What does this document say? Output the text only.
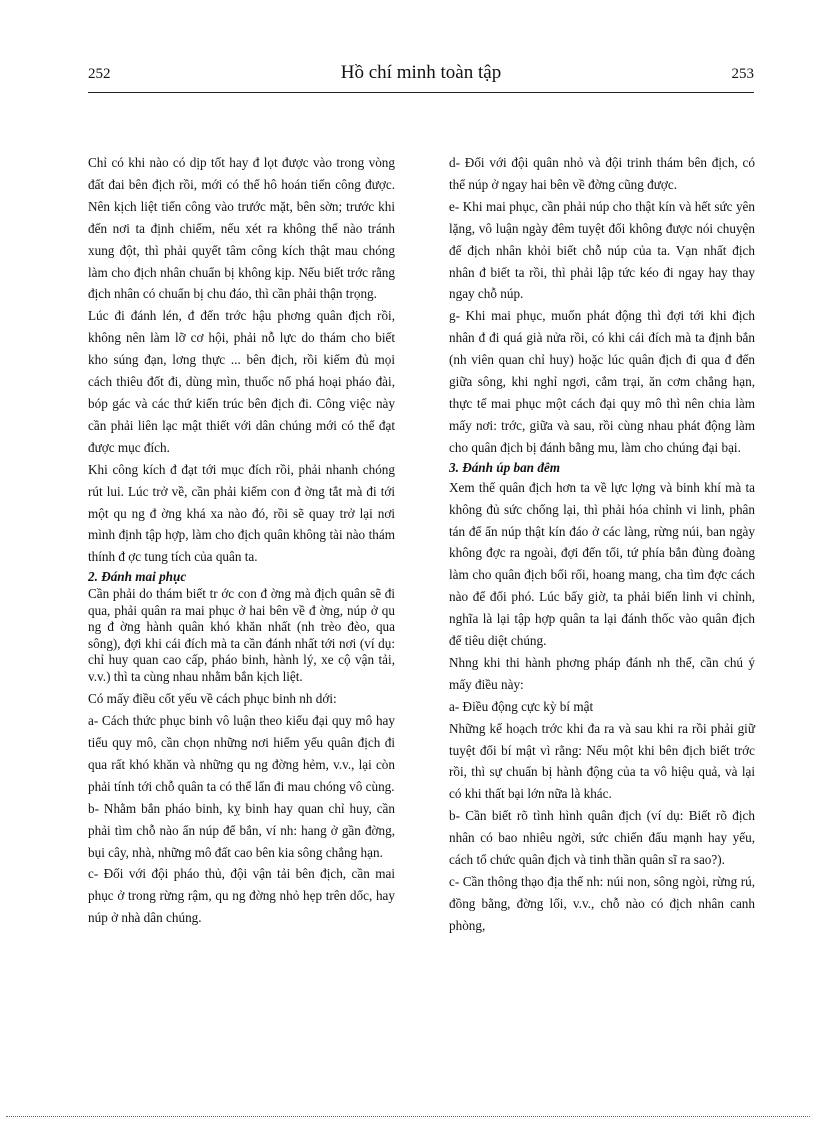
252	Hồ chí minh toàn tập	253

Chỉ có khi nào có dịp tốt hay đ lọt được vào trong vòng đất đai bên địch rồi, mới có thể hô hoán tiến công được. Nên kịch liệt tiến công vào trước mặt, bên sờn; trước khi đến nơi ta định chiếm, nếu xét ra không thể nào tránh xung đột, thì phải quyết tâm công kích thật mau chóng làm cho địch nhân chuẩn bị không kịp. Nếu biết trớc rằng địch nhân có chuẩn bị chu đáo, thì cần phải thận trọng.

Lúc đi đánh lén, đ đến trớc hậu phơng quân địch rồi, không nên làm lỡ cơ hội, phải nỗ lực do thám cho biết kho súng đạn, lơng thực ... bên địch, rồi kiếm đủ mọi cách thiêu đốt đi, dùng mìn, thuốc nổ phá hoại pháo đài, bóp gác và các thứ kiến trúc bên địch đi. Công việc này cần phải liên lạc mật thiết với dân chúng mới có thể đạt được mục đích.

Khi công kích đ đạt tới mục đích rồi, phải nhanh chóng rút lui. Lúc trở về, cần phải kiếm con đ ờng tắt mà đi tới một qu ng đ ờng khá xa nào đó, rồi sẽ quay trở lại nơi mình định tập hợp, làm cho địch quân không tài nào thám thính đ ợc tung tích của quân ta.

2. Đánh mai phục

Cần phải do thám biết tr ớc con đ ờng mà địch quân sẽ đi qua, phải quân ra mai phục ở hai bên về đ ờng, núp ở qu ng đ ờng hành quân khó khăn nhất (nh trèo đèo, qua sông), đợi khi cái đích mà ta cần đánh nhất tới nơi (ví dụ: chỉ huy quan cao cấp, pháo binh, hành lý, xe cộ vận tải, v.v.) thì ta cùng nhau nhằm bắn kịch liệt.

Có mấy điều cốt yếu về cách phục binh nh dới:

a- Cách thức phục binh vô luận theo kiểu đại quy mô hay tiểu quy mô, cần chọn những nơi hiểm yếu quân địch đi qua rất khó khăn và những qu ng đờng hẻm, v.v., lại còn phải tính tới chỗ quân ta có thể lẩn đi mau chóng vô cùng.

b- Nhằm bắn pháo binh, kỵ binh hay quan chỉ huy, cần phải tìm chỗ nào ẩn núp để bắn, ví nh: hang ở gần đờng, bụi cây, nhà, những mô đất cao bên kia sông chẳng hạn.

c- Đối với đội pháo thủ, đội vận tải bên địch, cần mai phục ở trong rừng rậm, qu ng đờng nhỏ hẹp trên dốc, hay núp ở nhà dân chúng.

d- Đối với đội quân nhỏ và đội trinh thám bên địch, có thể núp ở ngay hai bên về đờng cũng được.

e- Khi mai phục, cần phải núp cho thật kín và hết sức yên lặng, vô luận ngày đêm tuyệt đối không được nói chuyện để địch nhân khỏi biết chỗ núp của ta. Vạn nhất địch nhân đ biết ta rồi, thì phải lập tức kéo đi ngay hay thay ngay chỗ núp.

g- Khi mai phục, muốn phát động thì đợi tới khi địch nhân đ đi quá già nửa rồi, có khi cái đích mà ta định bắn (nh viên quan chỉ huy) hoặc lúc quân địch đi qua đ đến giữa sông, khi nghỉ ngơi, cắm trại, ăn cơm chẳng hạn, thực tế mai phục một cách đại quy mô thì nên chia làm mấy nơi: trớc, giữa và sau, rồi cùng nhau phát động làm cho quân địch bị đánh bằng mu, làm cho chúng đại bại.

3. Đánh úp ban đêm

Xem thế quân địch hơn ta về lực lợng và binh khí mà ta không đủ sức chống lại, thì phải hóa chỉnh vi linh, phân tán để ẩn núp thật kín đáo ở các làng, rừng núi, ban ngày không đợc ra ngoài, đợi đến tối, tứ phía bắn đùng đoàng làm cho quân địch bối rối, hoang mang, cha tìm đợc cách nào để đối phó. Lúc bấy giờ, ta phải biến linh vi chỉnh, nghĩa là lại tập hợp quân ta lại đánh thốc vào quân địch để tiêu diệt chúng.

Nhng khi thi hành phơng pháp đánh nh thế, cần chú ý mấy điều này:

a- Điều động cực kỳ bí mật

Những kế hoạch trớc khi đa ra và sau khi ra rồi phải giữ tuyệt đối bí mật vì rằng: Nếu một khi bên địch biết trớc rồi, thì sự chuẩn bị hành động của ta vô hiệu quả, và lại có khi thất bại lớn nữa là khác.

b- Cần biết rõ tình hình quân địch (ví dụ: Biết rõ địch nhân có bao nhiêu ngời, sức chiến đấu mạnh hay yếu, cách tổ chức quân địch và tinh thần quân sĩ ra sao?).

c- Cần thông thạo địa thế nh: núi non, sông ngòi, rừng rú, đồng bằng, đờng lối, v.v., chỗ nào có địch nhân canh phòng,
